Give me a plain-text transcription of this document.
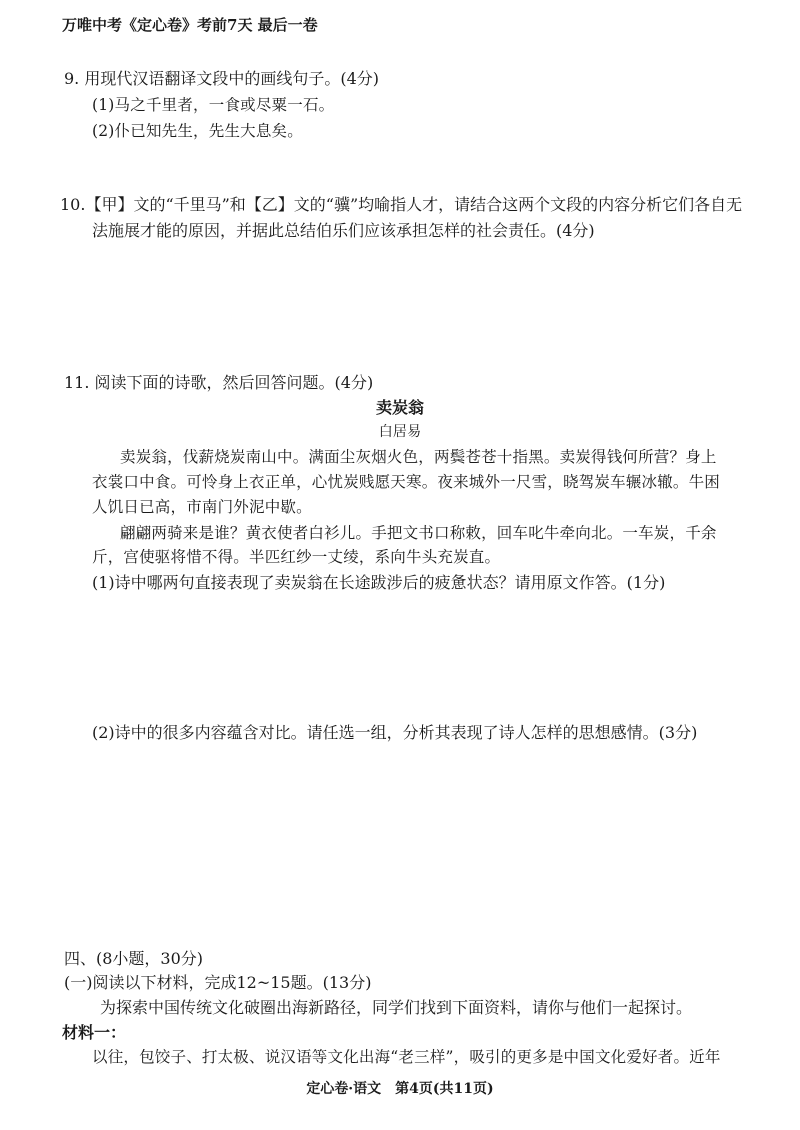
万唯中考《定心卷》考前7天 最后一卷
9. 用现代汉语翻译文段中的画线句子。(4分)
(1)马之千里者，一食或尽粟一石。
(2)仆已知先生，先生大息矣。
10.【甲】文的“千里马”和【乙】文的“骥”均喻指人才，请结合这两个文段的内容分析它们各自无
法施展才能的原因，并据此总结伯乐们应该承担怎样的社会责任。(4分)
11. 阅读下面的诗歌，然后回答问题。(4分)
卖炭翁
白居易
卖炭翁，伐薪烧炭南山中。满面尘灰烟火色，两鬓苍苍十指黑。卖炭得钱何所营？身上
衣裳口中食。可怜身上衣正单，心忧炭贱愿天寒。夜来城外一尺雪，晓驾炭车辗冰辙。牛困
人饥日已高，市南门外泥中歇。
翩翩两骑来是谁？黄衣使者白衫儿。手把文书口称敕，回车叱牛牵向北。一车炭，千余
斤，宫使驱将惜不得。半匹红纱一丈绫，系向牛头充炭直。
(1)诗中哪两句直接表现了卖炭翁在长途跋涉后的疲惫状态？请用原文作答。(1分)
(2)诗中的很多内容蕴含对比。请任选一组，分析其表现了诗人怎样的思想感情。(3分)
四、(8小题，30分)
(一)阅读以下材料，完成12~15题。(13分)
为探索中国传统文化破圈出海新路径，同学们找到下面资料，请你与他们一起探讨。
材料一：
以往，包饺子、打太极、说汉语等文化出海“老三样”，吸引的更多是中国文化爱好者。近年
定心卷·语文　第4页(共11页)
